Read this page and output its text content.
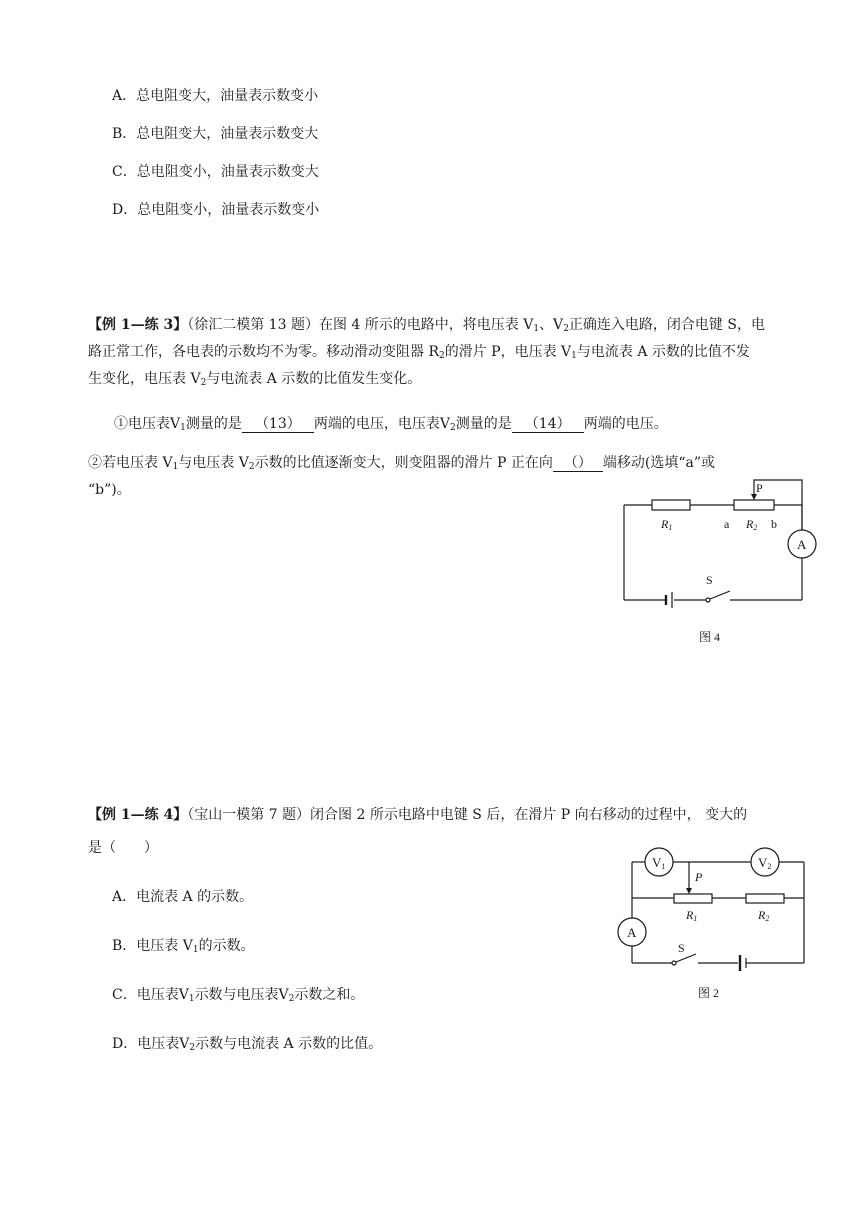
A．总电阻变大，油量表示数变小
B．总电阻变大，油量表示数变大
C．总电阻变小，油量表示数变大
D．总电阻变小，油量表示数变小
【例 1—练 3】（徐汇二模第 13 题）在图 4 所示的电路中，将电压表 $V_1$、$V_2$正确连入电路，闭合电键 S，电
路正常工作，各电表的示数均不为零。移动滑动变阻器 $R_2$的滑片 P，电压表 $V_1$与电流表 A 示数的比值不发
生变化，电压表 $V_2$与电流表 A 示数的比值发生变化。
①电压表$V_1$测量的是 （13） 两端的电压，电压表$V_2$测量的是 （14） 两端的电压。
②若电压表 $V_1$与电压表 $V_2$示数的比值逐渐变大，则变阻器的滑片 P 正在向 （） 端移动(选填“a”或
“b”)。	P
R1	a R2 b
A
S
图 4
【例 1—练 4】（宝山一模第 7 题）闭合图 2 所示电路中电键 S 后，在滑片 P 向右移动的过程中， 变大的
是（　　）
A．电流表 A 的示数。
B．电压表 $V_1$的示数。
C．电压表$V_1$示数与电压表$V_2$示数之和。
D．电压表$V_2$示数与电流表 A 示数的比值。
V1	V2
P
R1	R2
A
S
图 2
